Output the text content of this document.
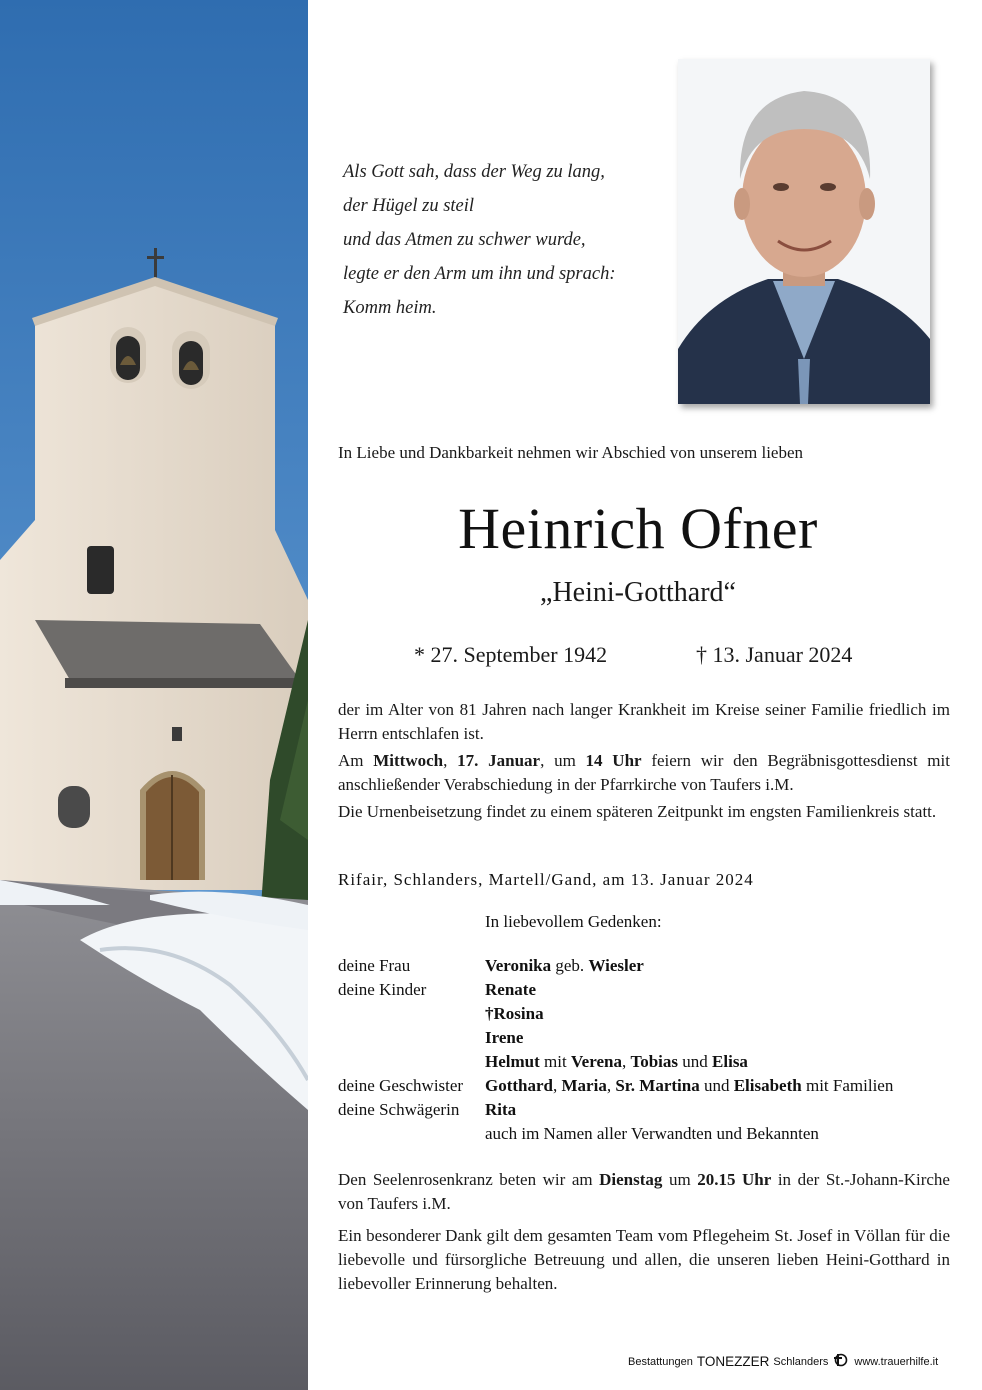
Als Gott sah, dass der Weg zu lang,
der Hügel zu steil
und das Atmen zu schwer wurde,
legte er den Arm um ihn und sprach:
Komm heim.
In Liebe und Dankbarkeit nehmen wir Abschied von unserem lieben
Heinrich Ofner
„Heini-Gotthard“
* 27. September 1942	† 13. Januar 2024
der im Alter von 81 Jahren nach langer Krankheit im Kreise seiner Familie friedlich im Herrn entschlafen ist.
Am Mittwoch, 17. Januar, um 14 Uhr feiern wir den Begräbnisgottesdienst mit anschließender Verabschiedung in der Pfarrkirche von Taufers i.M.
Die Urnenbeisetzung findet zu einem späteren Zeitpunkt im engsten Familienkreis statt.
Rifair, Schlanders, Martell/Gand, am 13. Januar 2024
In liebevollem Gedenken:
deine Frau	Veronika geb. Wiesler
deine Kinder	Renate
†Rosina
Irene
Helmut mit Verena, Tobias und Elisa
deine Geschwister	Gotthard, Maria, Sr. Martina und Elisabeth mit Familien
deine Schwägerin	Rita
auch im Namen aller Verwandten und Bekannten
Den Seelenrosenkranz beten wir am Dienstag um 20.15 Uhr in der St.-Johann-Kirche von Taufers i.M.
Ein besonderer Dank gilt dem gesamten Team vom Pflegeheim St. Josef in Völlan für die liebevolle und fürsorgliche Betreuung und allen, die unseren lieben Heini-Gotthard in liebevoller Erinnerung behalten.
Bestattungen TONEZZER Schlanders www.trauerhilfe.it
